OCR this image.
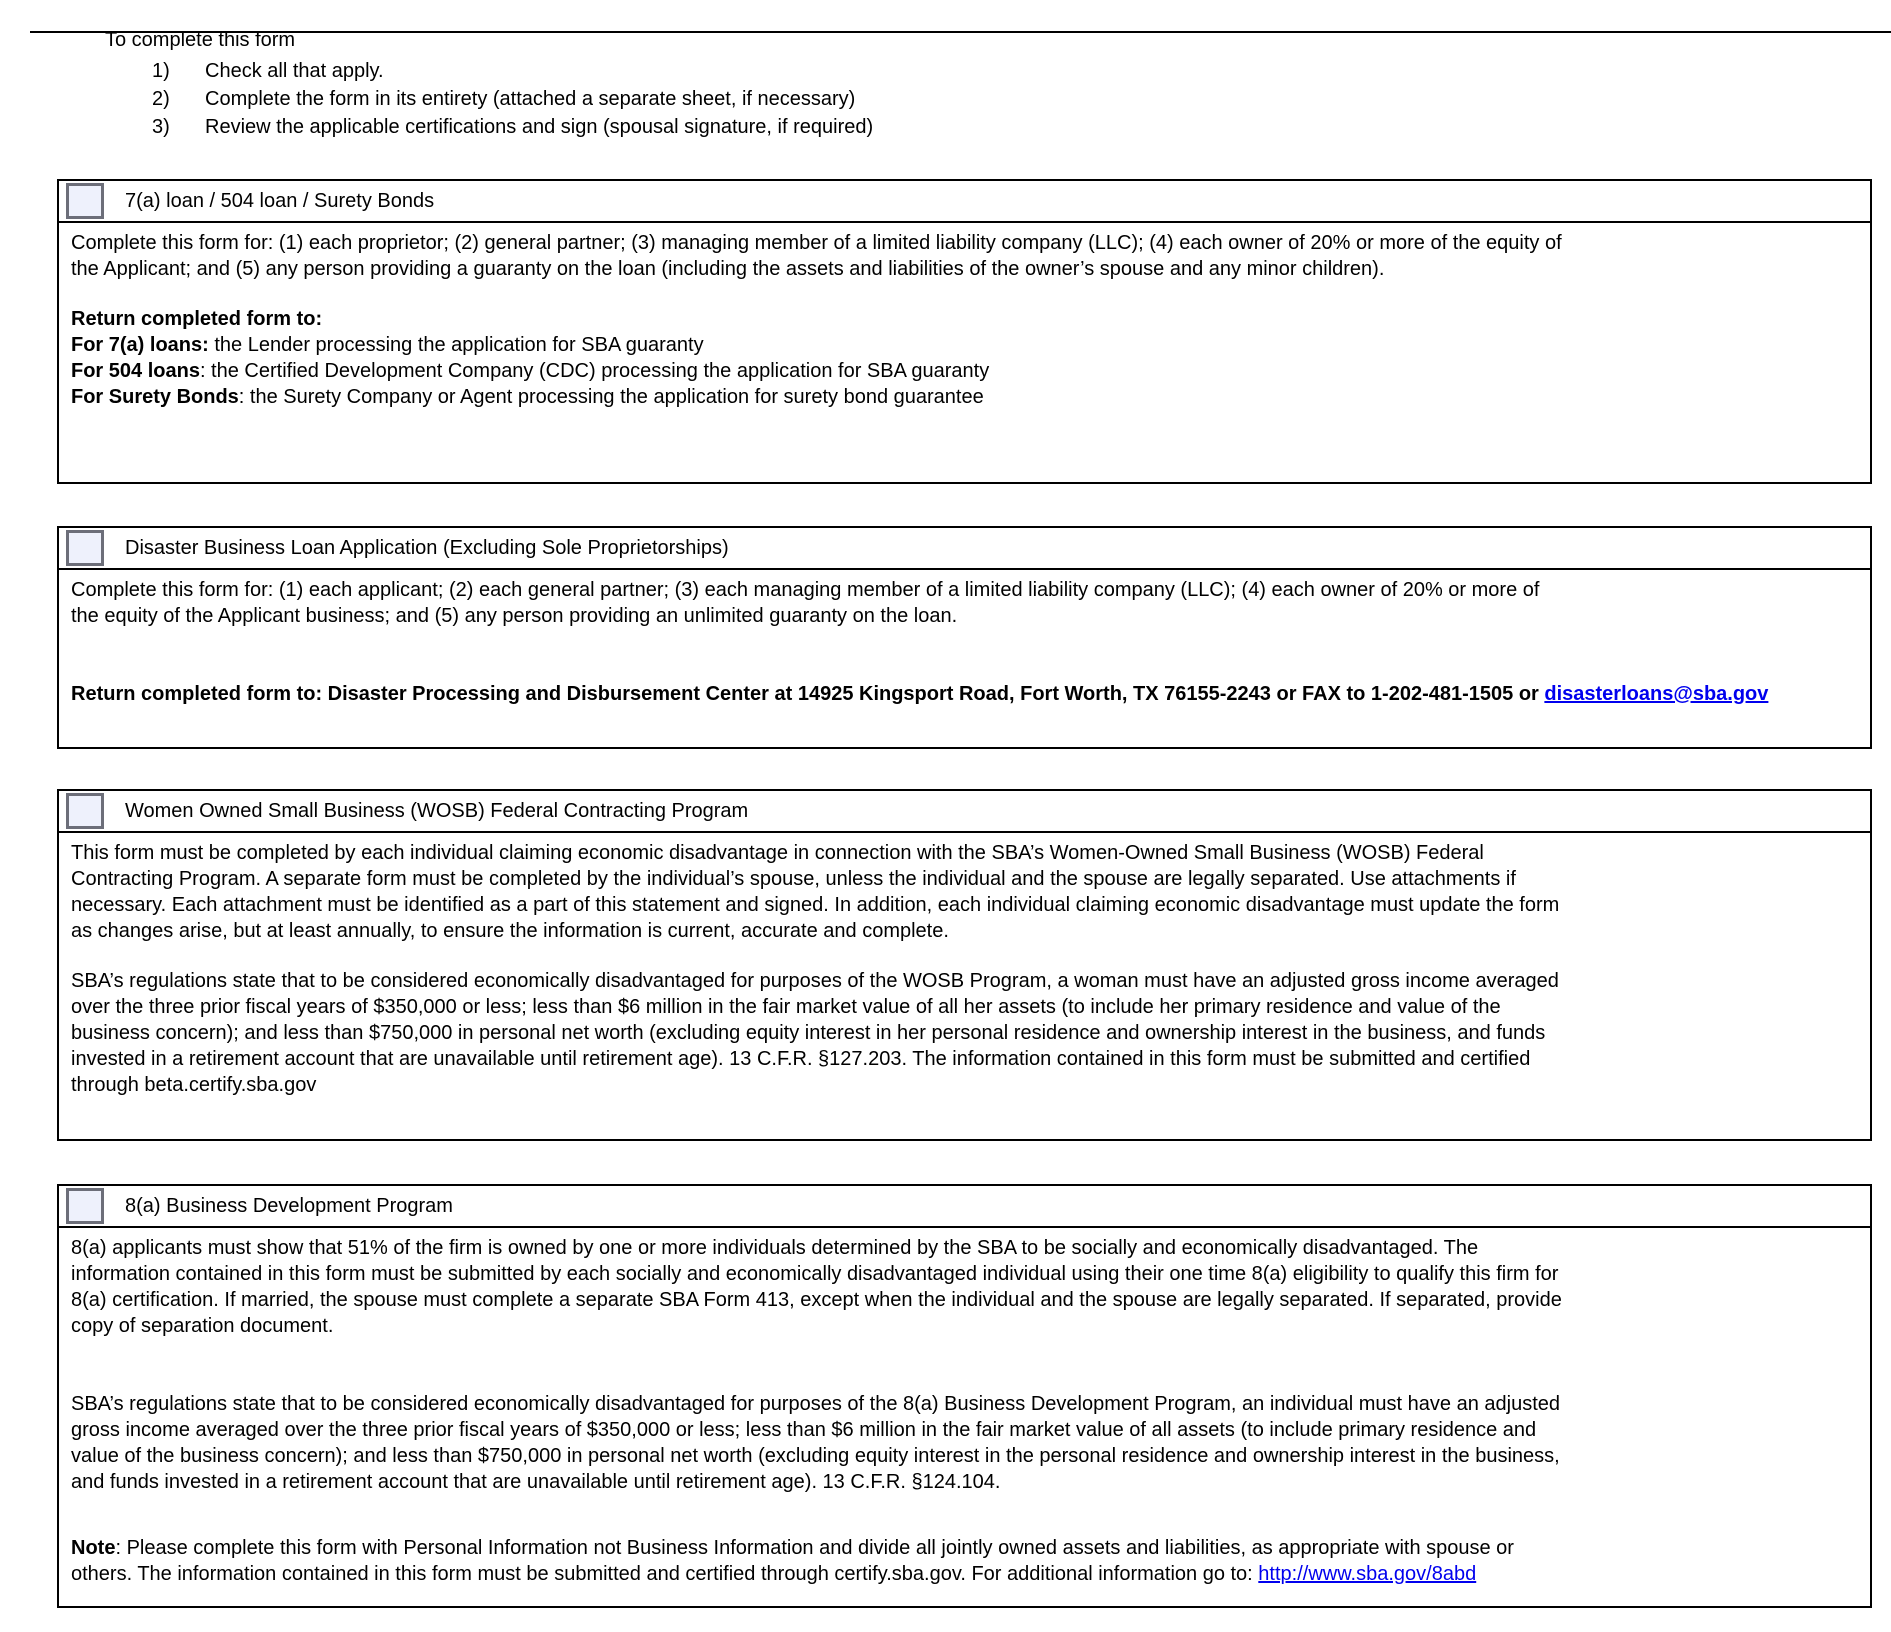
To complete this form
1)	Check all that apply.
2)	Complete the form in its entirety (attached a separate sheet, if necessary)
3)	Review the applicable certifications and sign (spousal signature, if required)
7(a) loan / 504 loan / Surety Bonds

Complete this form for: (1) each proprietor; (2) general partner; (3) managing member of a limited liability company (LLC); (4) each owner of 20% or more of the equity of the Applicant; and (5) any person providing a guaranty on the loan (including the assets and liabilities of the owner’s spouse and any minor children).

Return completed form to:
For 7(a) loans: the Lender processing the application for SBA guaranty
For 504 loans: the Certified Development Company (CDC) processing the application for SBA guaranty
For Surety Bonds: the Surety Company or Agent processing the application for surety bond guarantee

Disaster Business Loan Application (Excluding Sole Proprietorships)

Complete this form for: (1) each applicant; (2) each general partner; (3) each managing member of a limited liability company (LLC); (4) each owner of 20% or more of the equity of the Applicant business; and (5) any person providing an unlimited guaranty on the loan.

Return completed form to: Disaster Processing and Disbursement Center at 14925 Kingsport Road, Fort Worth, TX 76155-2243 or FAX to 1-202-481-1505 or disasterloans@sba.gov

Women Owned Small Business (WOSB) Federal Contracting Program

This form must be completed by each individual claiming economic disadvantage in connection with the SBA’s Women-Owned Small Business (WOSB) Federal Contracting Program. A separate form must be completed by the individual’s spouse, unless the individual and the spouse are legally separated. Use attachments if necessary. Each attachment must be identified as a part of this statement and signed. In addition, each individual claiming economic disadvantage must update the form as changes arise, but at least annually, to ensure the information is current, accurate and complete.

SBA’s regulations state that to be considered economically disadvantaged for purposes of the WOSB Program, a woman must have an adjusted gross income averaged over the three prior fiscal years of $350,000 or less; less than $6 million in the fair market value of all her assets (to include her primary residence and value of the business concern); and less than $750,000 in personal net worth (excluding equity interest in her personal residence and ownership interest in the business, and funds invested in a retirement account that are unavailable until retirement age). 13 C.F.R. §127.203. The information contained in this form must be submitted and certified through beta.certify.sba.gov

8(a) Business Development Program

8(a) applicants must show that 51% of the firm is owned by one or more individuals determined by the SBA to be socially and economically disadvantaged. The information contained in this form must be submitted by each socially and economically disadvantaged individual using their one time 8(a) eligibility to qualify this firm for 8(a) certification. If married, the spouse must complete a separate SBA Form 413, except when the individual and the spouse are legally separated. If separated, provide copy of separation document.

SBA’s regulations state that to be considered economically disadvantaged for purposes of the 8(a) Business Development Program, an individual must have an adjusted gross income averaged over the three prior fiscal years of $350,000 or less; less than $6 million in the fair market value of all assets (to include primary residence and value of the business concern); and less than $750,000 in personal net worth (excluding equity interest in the personal residence and ownership interest in the business, and funds invested in a retirement account that are unavailable until retirement age). 13 C.F.R. §124.104.

Note: Please complete this form with Personal Information not Business Information and divide all jointly owned assets and liabilities, as appropriate with spouse or others. The information contained in this form must be submitted and certified through certify.sba.gov. For additional information go to: http://www.sba.gov/8abd
